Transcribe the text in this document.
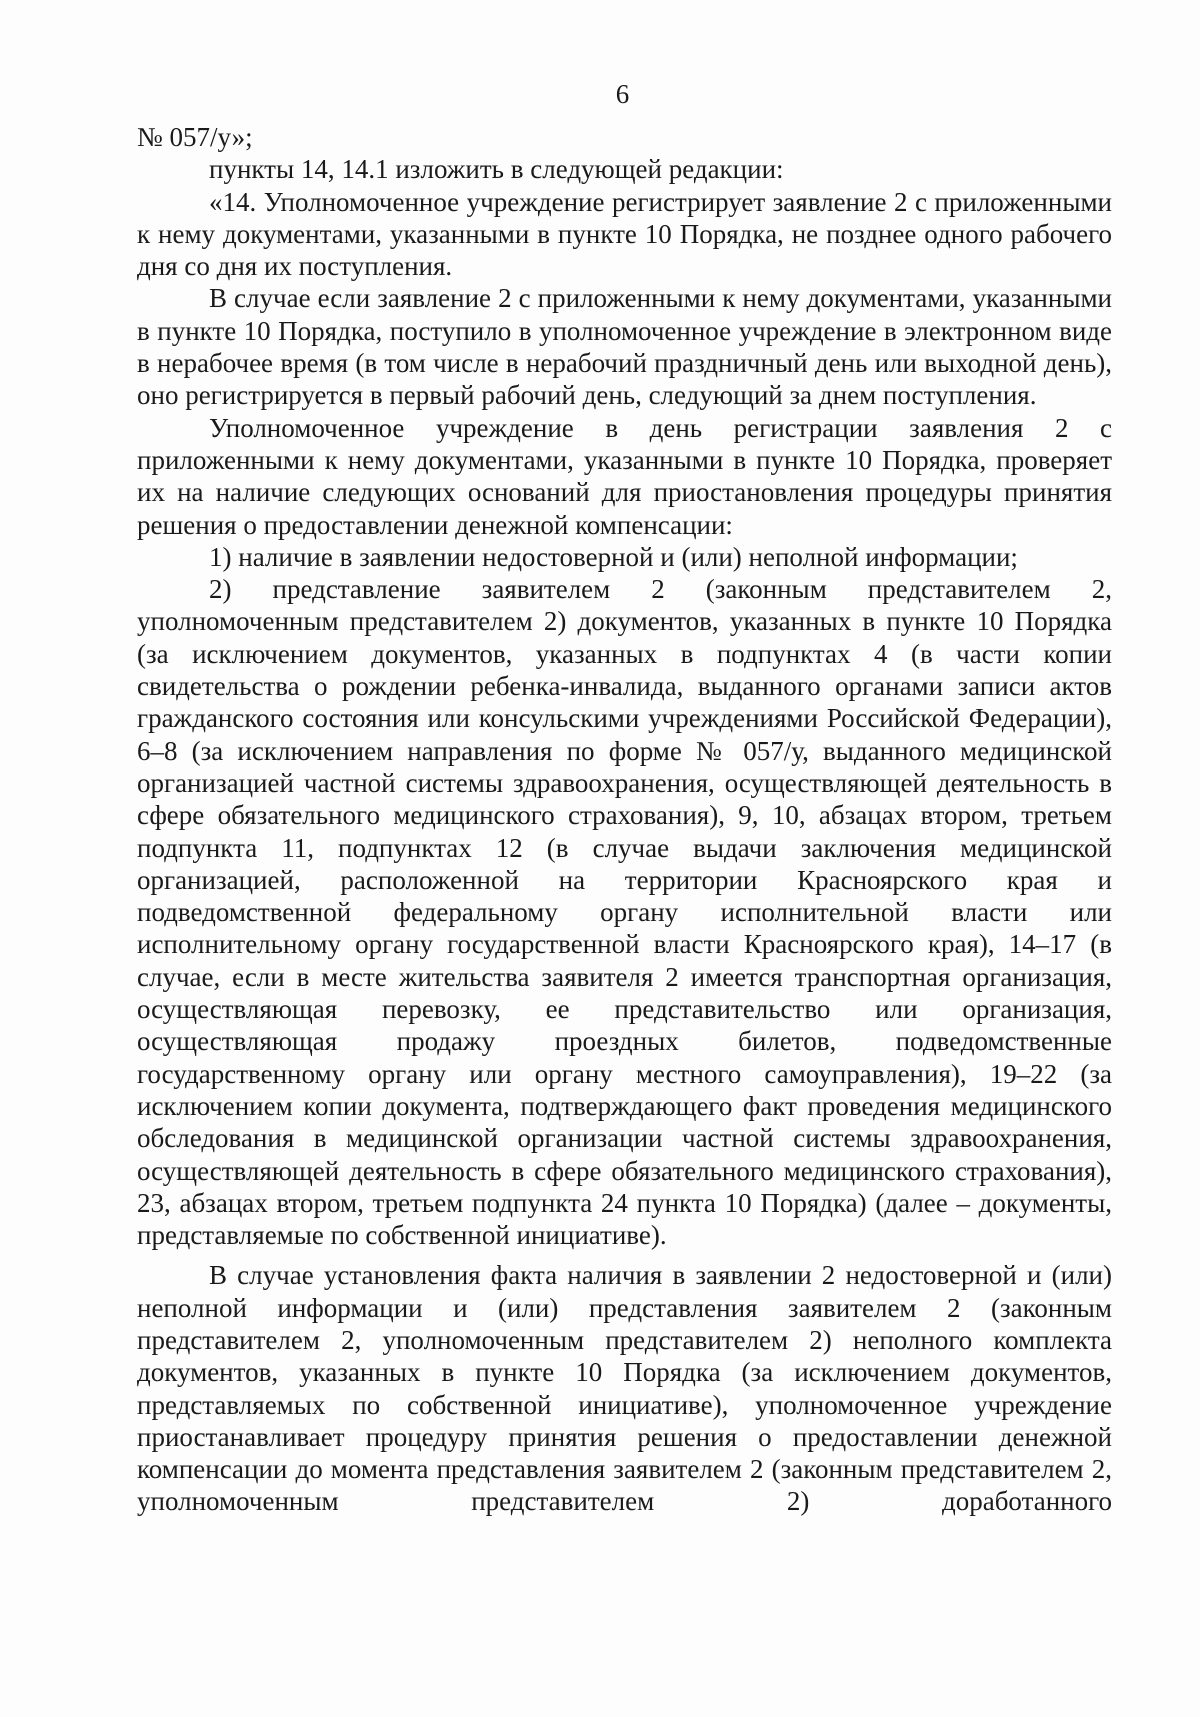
6

№ 057/у»;

пункты 14, 14.1 изложить в следующей редакции:

«14. Уполномоченное учреждение регистрирует заявление 2 с приложенными к нему документами, указанными в пункте 10 Порядка, не позднее одного рабочего дня со дня их поступления.

В случае если заявление 2 с приложенными к нему документами, указанными в пункте 10 Порядка, поступило в уполномоченное учреждение в электронном виде в нерабочее время (в том числе в нерабочий праздничный день или выходной день), оно регистрируется в первый рабочий день, следующий за днем поступления.

Уполномоченное учреждение в день регистрации заявления 2 с приложенными к нему документами, указанными в пункте 10 Порядка, проверяет их на наличие следующих оснований для приостановления процедуры принятия решения о предоставлении денежной компенсации:

1) наличие в заявлении недостоверной и (или) неполной информации;

2) представление заявителем 2 (законным представителем 2, уполномоченным представителем 2) документов, указанных в пункте 10 Порядка (за исключением документов, указанных в подпунктах 4 (в части копии свидетельства о рождении ребенка-инвалида, выданного органами записи актов гражданского состояния или консульскими учреждениями Российской Федерации), 6–8 (за исключением направления по форме № 057/у, выданного медицинской организацией частной системы здравоохранения, осуществляющей деятельность в сфере обязательного медицинского страхования), 9, 10, абзацах втором, третьем подпункта 11, подпунктах 12 (в случае выдачи заключения медицинской организацией, расположенной на территории Красноярского края и подведомственной федеральному органу исполнительной власти или исполнительному органу государственной власти Красноярского края), 14–17 (в случае, если в месте жительства заявителя 2 имеется транспортная организация, осуществляющая перевозку, ее представительство или организация, осуществляющая продажу проездных билетов, подведомственные государственному органу или органу местного самоуправления), 19–22 (за исключением копии документа, подтверждающего факт проведения медицинского обследования в медицинской организации частной системы здравоохранения, осуществляющей деятельность в сфере обязательного медицинского страхования), 23, абзацах втором, третьем подпункта 24 пункта 10 Порядка) (далее – документы, представляемые по собственной инициативе).

В случае установления факта наличия в заявлении 2 недостоверной и (или) неполной информации и (или) представления заявителем 2 (законным представителем 2, уполномоченным представителем 2) неполного комплекта документов, указанных в пункте 10 Порядка (за исключением документов, представляемых по собственной инициативе), уполномоченное учреждение приостанавливает процедуру принятия решения о предоставлении денежной компенсации до момента представления заявителем 2 (законным представителем 2, уполномоченным представителем 2) доработанного
